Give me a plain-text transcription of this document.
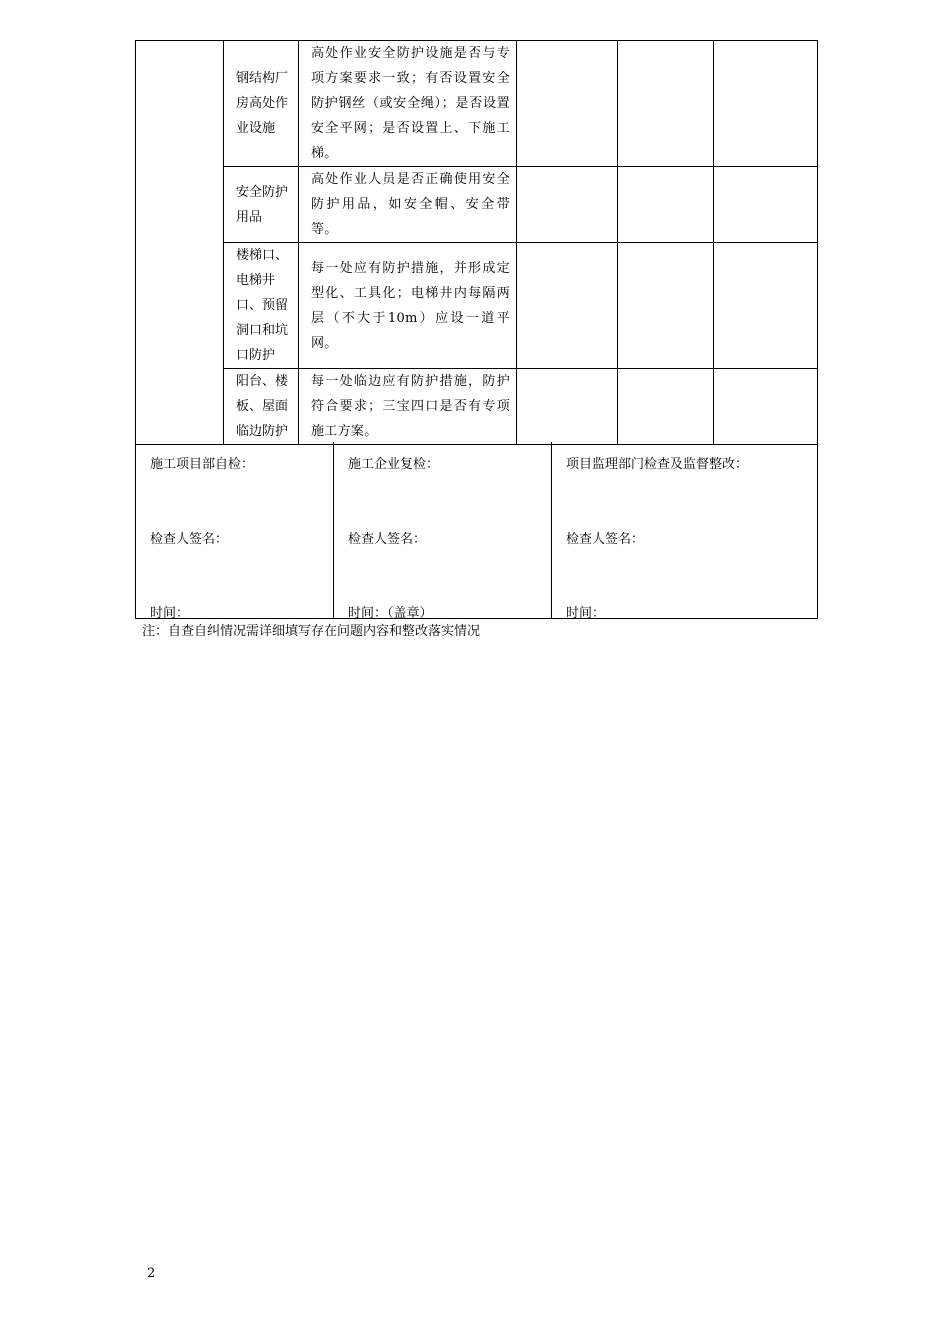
	钢结构厂房高处作业设施	高处作业安全防护设施是否与专项方案要求一致；有否设置安全防护钢丝（或安全绳）；是否设置安全平网；是否设置上、下施工梯。			
	安全防护用品	高处作业人员是否正确使用安全防护用品，如安全帽、安全带等。			
	楼梯口、电梯井口、预留洞口和坑口防护	每一处应有防护措施，并形成定型化、工具化；电梯井内每隔两层（不大于10m）应设一道平网。			
	阳台、楼板、屋面临边防护	每一处临边应有防护措施，防护符合要求；三宝四口是否有专项施工方案。			
施工项目部自检：
检查人签名：
时间：

施工企业复检：
检查人签名：
时间：（盖章）

项目监理部门检查及监督整改：
检查人签名：
时间：
注：自查自纠情况需详细填写存在问题内容和整改落实情况
2
